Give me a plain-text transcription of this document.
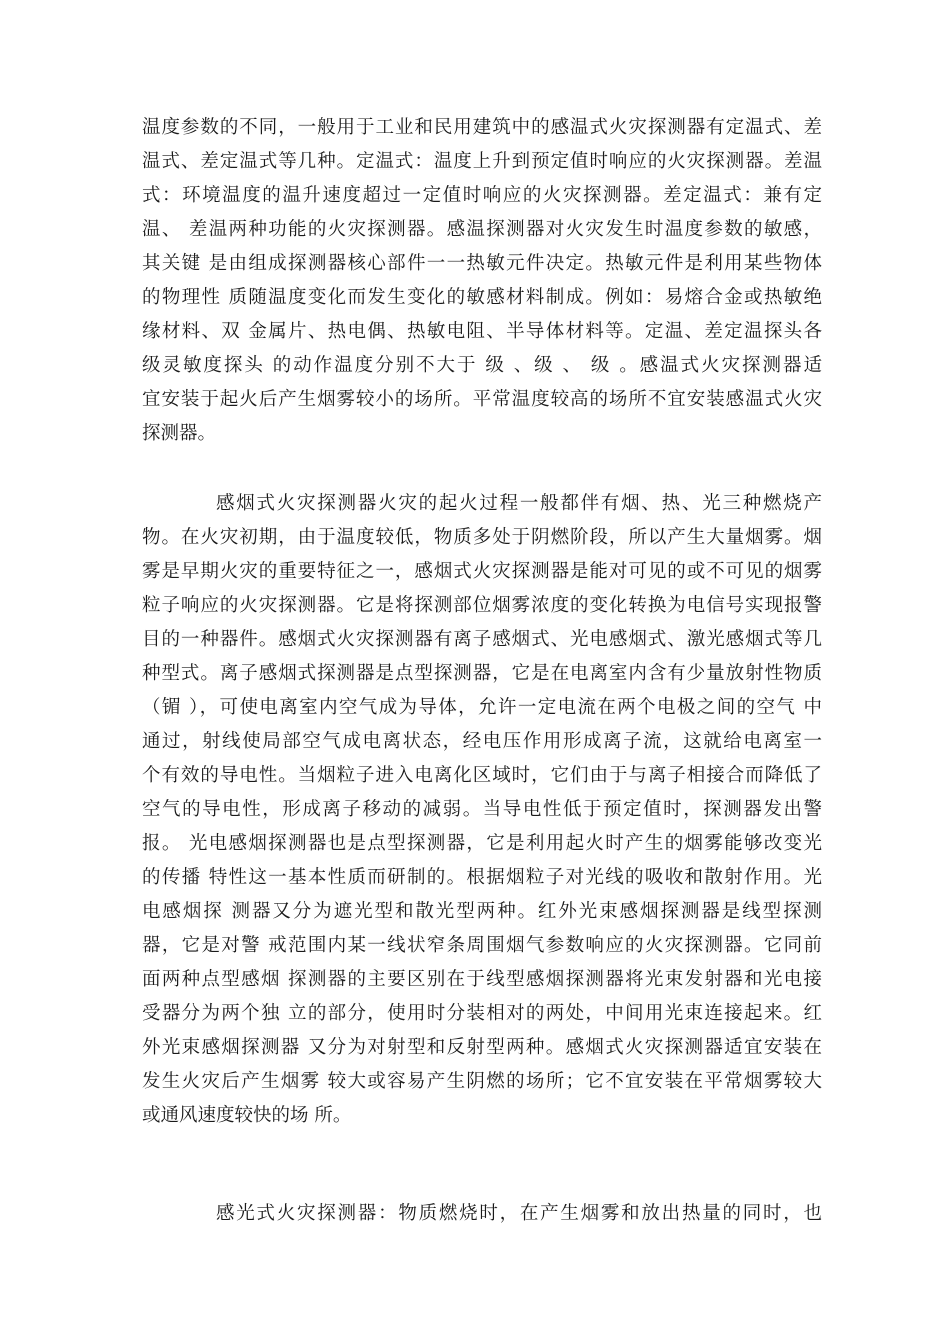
温度参数的不同，一般用于工业和民用建筑中的感温式火灾探测器有定温式、差
温式、差定温式等几种。定温式：温度上升到预定值时响应的火灾探测器。差温
式：环境温度的温升速度超过一定值时响应的火灾探测器。差定温式：兼有定
温、 差温两种功能的火灾探测器。感温探测器对火灾发生时温度参数的敏感，
其关键 是由组成探测器核心部件一一热敏元件决定。热敏元件是利用某些物体
的物理性 质随温度变化而发生变化的敏感材料制成。例如：易熔合金或热敏绝
缘材料、双 金属片、热电偶、热敏电阻、半导体材料等。定温、差定温探头各
级灵敏度探头 的动作温度分别不大于 级 、级 、 级 。感温式火灾探测器适
宜安装于起火后产生烟雾较小的场所。平常温度较高的场所不宜安装感温式火灾
探测器。
感烟式火灾探测器火灾的起火过程一般都伴有烟、热、光三种燃烧产
物。在火灾初期，由于温度较低，物质多处于阴燃阶段，所以产生大量烟雾。烟
雾是早期火灾的重要特征之一，感烟式火灾探测器是能对可见的或不可见的烟雾
粒子响应的火灾探测器。它是将探测部位烟雾浓度的变化转换为电信号实现报警
目的一种器件。感烟式火灾探测器有离子感烟式、光电感烟式、激光感烟式等几
种型式。离子感烟式探测器是点型探测器，它是在电离室内含有少量放射性物质
（镅 ），可使电离室内空气成为导体，允许一定电流在两个电极之间的空气 中
通过，射线使局部空气成电离状态，经电压作用形成离子流，这就给电离室一
个有效的导电性。当烟粒子进入电离化区域时，它们由于与离子相接合而降低了
空气的导电性，形成离子移动的减弱。当导电性低于预定值时，探测器发出警
报。 光电感烟探测器也是点型探测器，它是利用起火时产生的烟雾能够改变光
的传播 特性这一基本性质而研制的。根据烟粒子对光线的吸收和散射作用。光
电感烟探 测器又分为遮光型和散光型两种。红外光束感烟探测器是线型探测
器，它是对警 戒范围内某一线状窄条周围烟气参数响应的火灾探测器。它同前
面两种点型感烟 探测器的主要区别在于线型感烟探测器将光束发射器和光电接
受器分为两个独 立的部分，使用时分装相对的两处，中间用光束连接起来。红
外光束感烟探测器 又分为对射型和反射型两种。感烟式火灾探测器适宜安装在
发生火灾后产生烟雾 较大或容易产生阴燃的场所；它不宜安装在平常烟雾较大
或通风速度较快的场 所。
感光式火灾探测器：物质燃烧时，在产生烟雾和放出热量的同时，也
